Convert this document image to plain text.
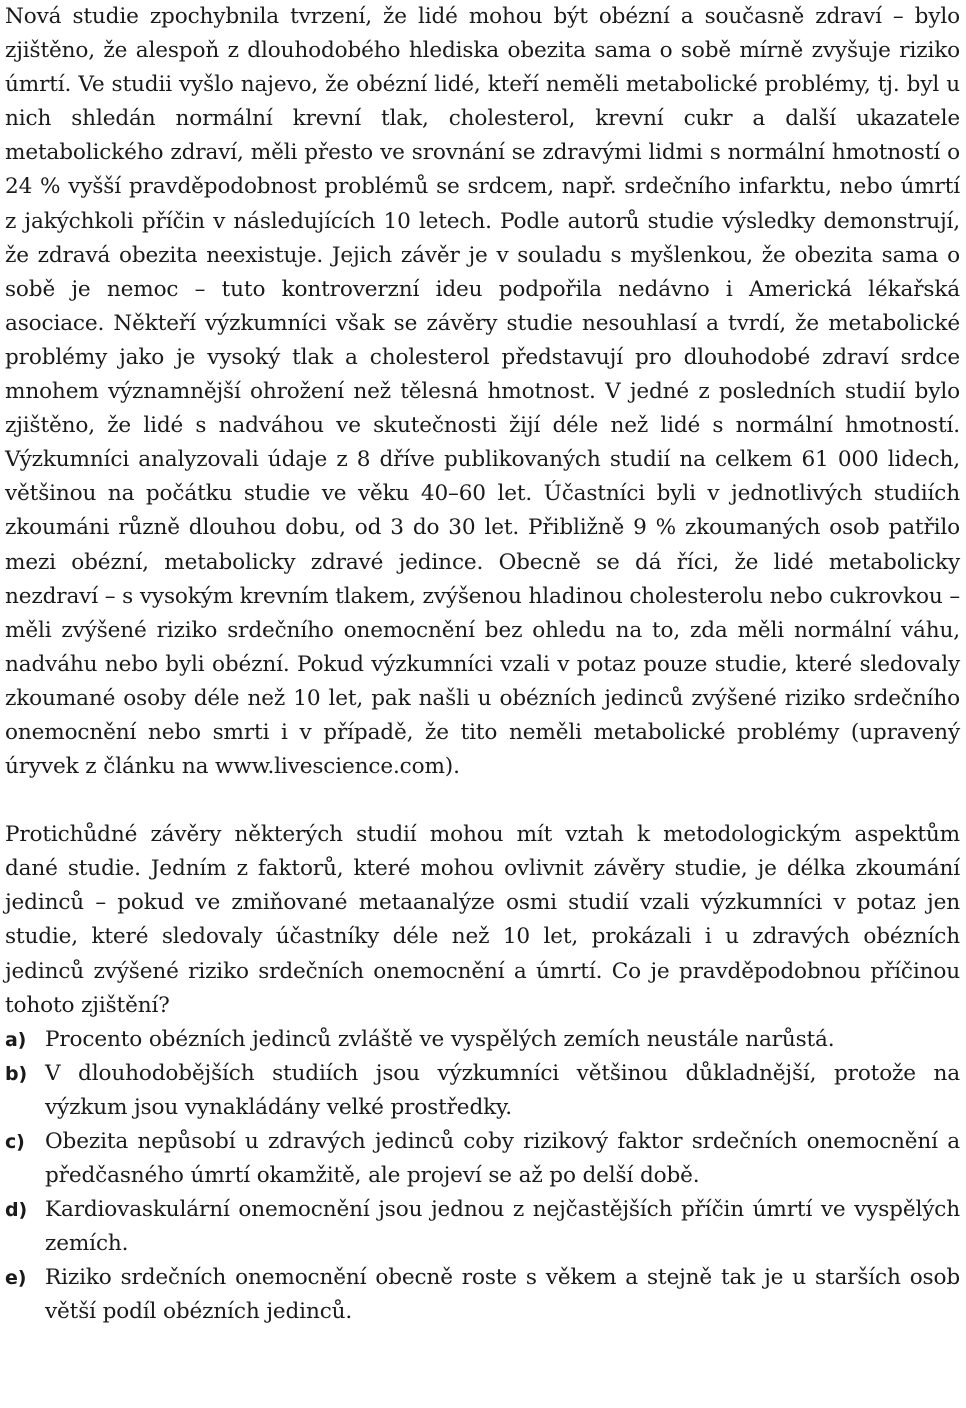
Nová studie zpochybnila tvrzení, že lidé mohou být obézní a současně zdraví – bylo zjištěno, že alespoň z dlouhodobého hlediska obezita sama o sobě mírně zvyšuje riziko úmrtí. Ve studii vyšlo najevo, že obézní lidé, kteří neměli metabolické problémy, tj. byl u nich shledán normální krevní tlak, cholesterol, krevní cukr a další ukazatele metabolického zdraví, měli přesto ve srovnání se zdravými lidmi s normální hmotností o 24 % vyšší pravděpodobnost problémů se srdcem, např. srdečního infarktu, nebo úmrtí z jakýchkoli příčin v následujících 10 letech. Podle autorů studie výsledky demonstrují, že zdravá obezita neexistuje. Jejich závěr je v souladu s myšlenkou, že obezita sama o sobě je nemoc – tuto kontroverzní ideu podpořila nedávno i Americká lékařská asociace. Někteří výzkumníci však se závěry studie nesouhlasí a tvrdí, že metabolické problémy jako je vysoký tlak a cholesterol představují pro dlouhodobé zdraví srdce mnohem významnější ohrožení než tělesná hmotnost. V jedné z posledních studií bylo zjištěno, že lidé s nadváhou ve skutečnosti žijí déle než lidé s normální hmotností. Výzkumníci analyzovali údaje z 8 dříve publikovaných studií na celkem 61 000 lidech, většinou na počátku studie ve věku 40–60 let. Účastníci byli v jednotlivých studiích zkoumáni různě dlouhou dobu, od 3 do 30 let. Přibližně 9 % zkoumaných osob patřilo mezi obézní, metabolicky zdravé jedince. Obecně se dá říci, že lidé metabolicky nezdraví – s vysokým krevním tlakem, zvýšenou hladinou cholesterolu nebo cukrovkou – měli zvýšené riziko srdečního onemocnění bez ohledu na to, zda měli normální váhu, nadváhu nebo byli obézní. Pokud výzkumníci vzali v potaz pouze studie, které sledovaly zkoumané osoby déle než 10 let, pak našli u obézních jedinců zvýšené riziko srdečního onemocnění nebo smrti i v případě, že tito neměli metabolické problémy (upravený úryvek z článku na www.livescience.com).

Protichůdné závěry některých studií mohou mít vztah k metodologickým aspektům dané studie. Jedním z faktorů, které mohou ovlivnit závěry studie, je délka zkoumání jedinců – pokud ve zmiňované metaanalýze osmi studií vzali výzkumníci v potaz jen studie, které sledovaly účastníky déle než 10 let, prokázali i u zdravých obézních jedinců zvýšené riziko srdečních onemocnění a úmrtí. Co je pravděpodobnou příčinou tohoto zjištění?

a) Procento obézních jedinců zvláště ve vyspělých zemích neustále narůstá.
b) V dlouhodobějších studiích jsou výzkumníci většinou důkladnější, protože na výzkum jsou vynakládány velké prostředky.
c) Obezita nepůsobí u zdravých jedinců coby rizikový faktor srdečních onemocnění a předčasného úmrtí okamžitě, ale projeví se až po delší době.
d) Kardiovaskulární onemocnění jsou jednou z nejčastějších příčin úmrtí ve vyspělých zemích.
e) Riziko srdečních onemocnění obecně roste s věkem a stejně tak je u starších osob větší podíl obézních jedinců.
